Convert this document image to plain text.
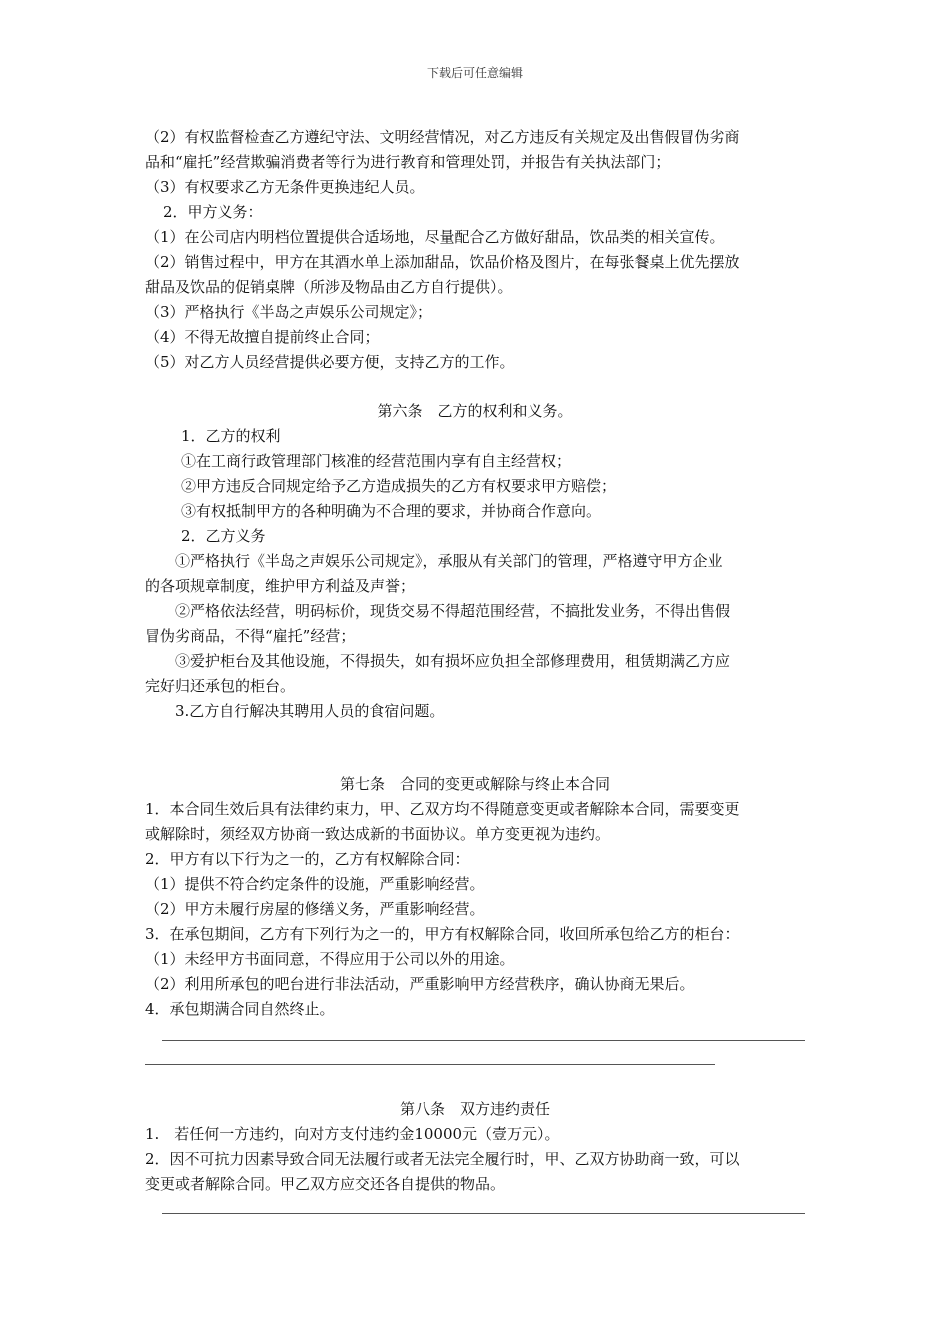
下载后可任意编辑
（2）有权监督检查乙方遵纪守法、文明经营情况，对乙方违反有关规定及出售假冒伪劣商
品和“雇托”经营欺骗消费者等行为进行教育和管理处罚，并报告有关执法部门；
（3）有权要求乙方无条件更换违纪人员。
2．甲方义务：
（1）在公司店内明档位置提供合适场地，尽量配合乙方做好甜品，饮品类的相关宣传。
（2）销售过程中，甲方在其酒水单上添加甜品，饮品价格及图片，在每张餐桌上优先摆放
甜品及饮品的促销桌牌（所涉及物品由乙方自行提供）。
（3）严格执行《半岛之声娱乐公司规定》；
（4）不得无故擅自提前终止合同；
（5）对乙方人员经营提供必要方便，支持乙方的工作。
第六条　乙方的权利和义务。
1．乙方的权利
①在工商行政管理部门核准的经营范围内享有自主经营权；
②甲方违反合同规定给予乙方造成损失的乙方有权要求甲方赔偿；
③有权抵制甲方的各种明确为不合理的要求，并协商合作意向。
2．乙方义务
①严格执行《半岛之声娱乐公司规定》，承服从有关部门的管理，严格遵守甲方企业
的各项规章制度，维护甲方利益及声誉；
②严格依法经营，明码标价，现货交易不得超范围经营，不搞批发业务，不得出售假
冒伪劣商品，不得“雇托”经营；
③爱护柜台及其他设施，不得损失，如有损坏应负担全部修理费用，租赁期满乙方应
完好归还承包的柜台。
3.乙方自行解决其聘用人员的食宿问题。
第七条　合同的变更或解除与终止本合同
1．本合同生效后具有法律约束力，甲、乙双方均不得随意变更或者解除本合同，需要变更
或解除时，须经双方协商一致达成新的书面协议。单方变更视为违约。
2．甲方有以下行为之一的，乙方有权解除合同：
（1）提供不符合约定条件的设施，严重影响经营。
（2）甲方未履行房屋的修缮义务，严重影响经营。
3．在承包期间，乙方有下列行为之一的，甲方有权解除合同，收回所承包给乙方的柜台：
（1）未经甲方书面同意，不得应用于公司以外的用途。
（2）利用所承包的吧台进行非法活动，严重影响甲方经营秩序，确认协商无果后。
4．承包期满合同自然终止。
第八条　双方违约责任
1.　若任何一方违约，向对方支付违约金10000元（壹万元）。
2．因不可抗力因素导致合同无法履行或者无法完全履行时，甲、乙双方协助商一致，可以
变更或者解除合同。甲乙双方应交还各自提供的物品。
